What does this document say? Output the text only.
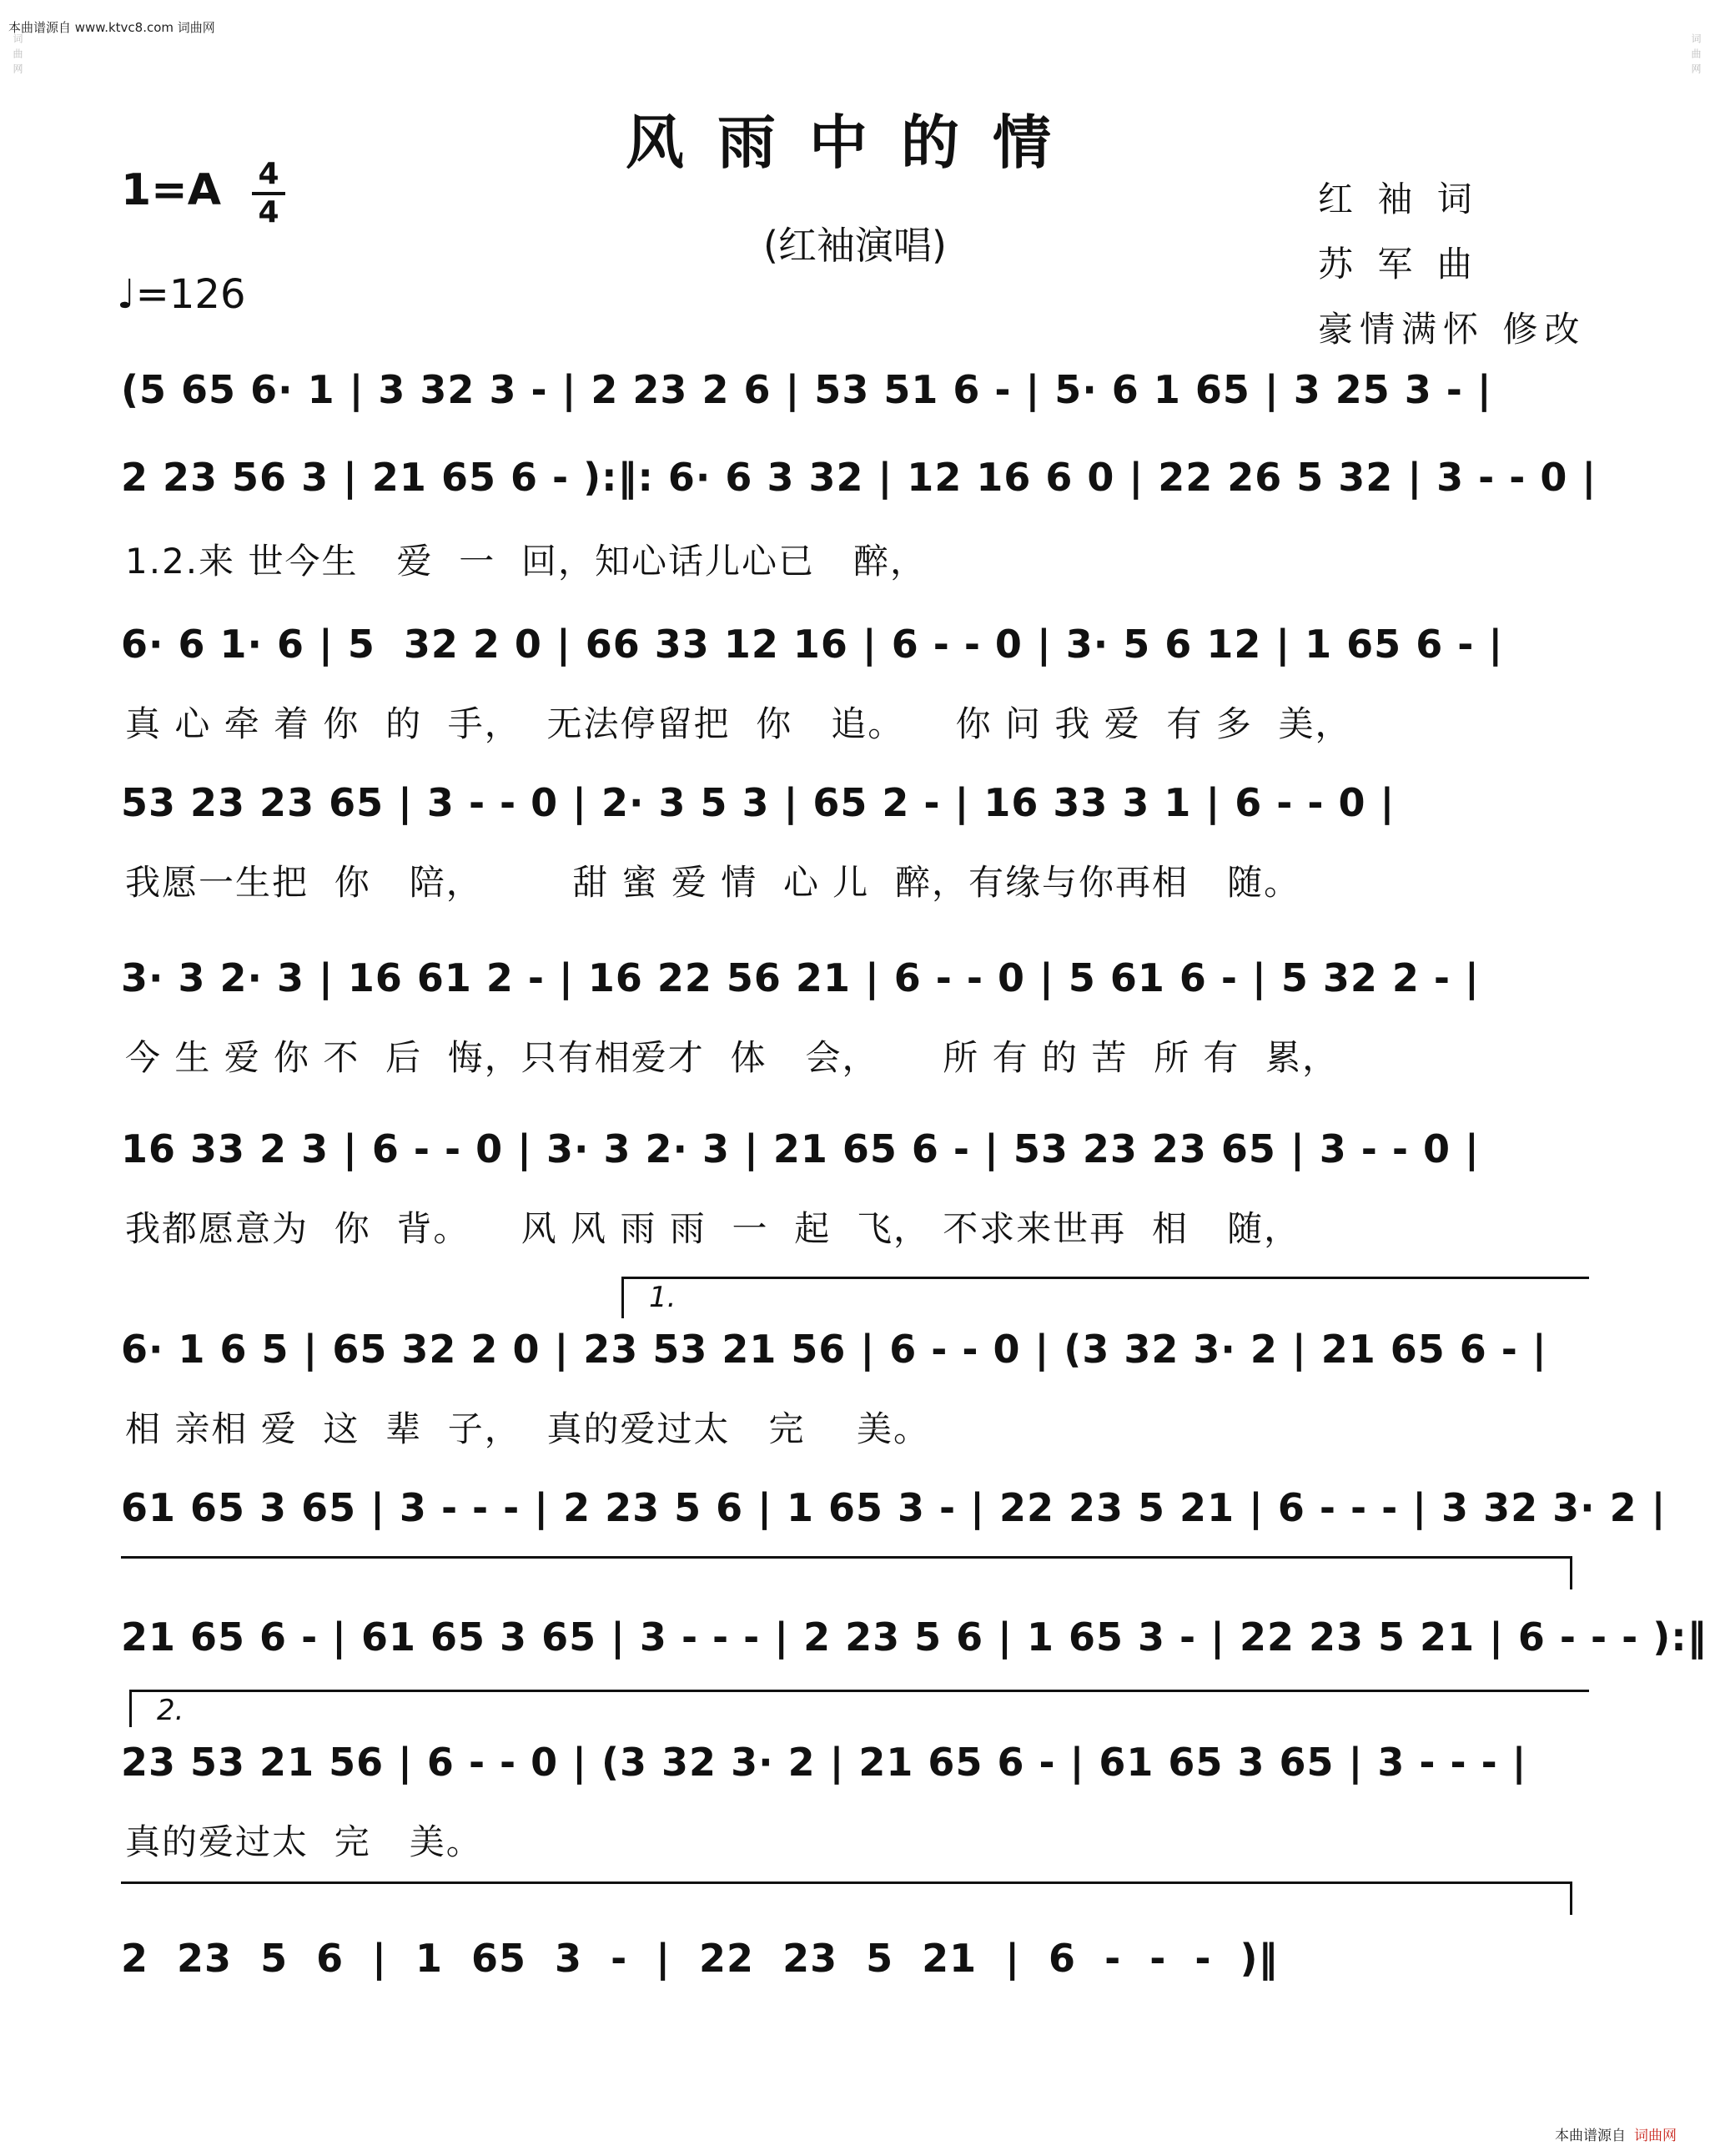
本曲谱源自 www.ktvc8.com 词曲网
词曲网	词曲网
风雨中的情
(红袖演唱)
1=A 4
4
♩=126
红 袖 词
苏 军 曲
豪情满怀 修改
(5 65 6· 1 | 3 32 3 - | 2 23 2 6 | 53 51 6 - | 5· 6 1 65 | 3 25 3 - |
2 23 56 3 | 21 65 6 - ):‖: 6· 6 3 32 | 12 16 6 0 | 22 26 5 32 | 3 - - 0 |
1.2.来 世今生   爱  一  回，知心话儿心已   醉，
6· 6 1· 6 | 5  32 2 0 | 66 33 12 16 | 6 - - 0 | 3· 5 6 12 | 1 65 6 - |
真 心 牵 着 你  的  手，  无法停留把  你   追。    你 问 我 爱  有 多  美，
53 23 23 65 | 3 - - 0 | 2· 3 5 3 | 65 2 - | 16 33 3 1 | 6 - - 0 |
我愿一生把  你   陪，       甜 蜜 爱 情  心 儿  醉，有缘与你再相   随。
3· 3 2· 3 | 16 61 2 - | 16 22 56 21 | 6 - - 0 | 5 61 6 - | 5 32 2 - |
今 生 爱 你 不  后  悔，只有相爱才  体   会，     所 有 的 苦  所 有  累，
16 33 2 3 | 6 - - 0 | 3· 3 2· 3 | 21 65 6 - | 53 23 23 65 | 3 - - 0 |
我都愿意为  你  背。    风 风 雨 雨  一  起  飞， 不求来世再  相   随，
1.
6· 1 6 5 | 65 32 2 0 | 23 53 21 56 | 6 - - 0 | (3 32 3· 2 | 21 65 6 - |
相 亲相 爱  这  辈  子，  真的爱过太   完    美。
61 65 3 65 | 3 - - - | 2 23 5 6 | 1 65 3 - | 22 23 5 21 | 6 - - - | 3 32 3· 2 |
21 65 6 - | 61 65 3 65 | 3 - - - | 2 23 5 6 | 1 65 3 - | 22 23 5 21 | 6 - - - ):‖
2.
23 53 21 56 | 6 - - 0 | (3 32 3· 2 | 21 65 6 - | 61 65 3 65 | 3 - - - |
真的爱过太  完   美。
2  23  5  6  |  1  65  3  -  |  22  23  5  21  |  6  -  -  -  )‖
本曲谱源自 词曲网
